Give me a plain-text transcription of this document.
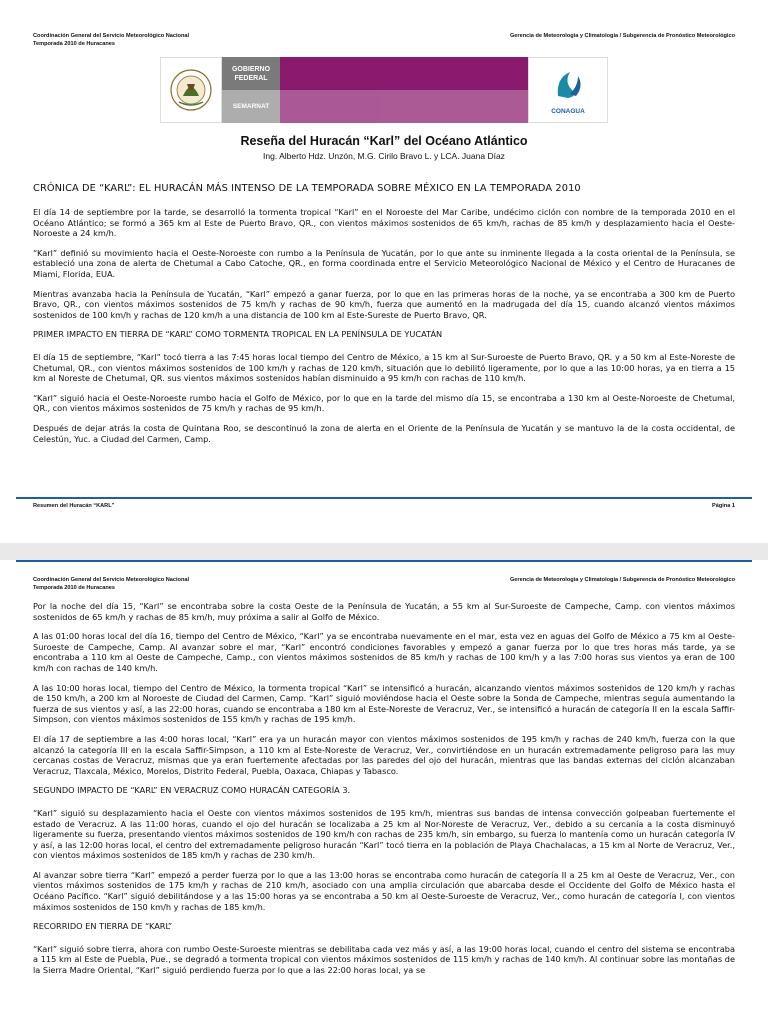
Coordinación General del Servicio Meteorológico Nacional
Temporada 2010 de Huracanes
Gerencia de Meteorología y Climatología / Subgerencia de Pronóstico Meteorológico
GOBIERNO
FEDERAL
SEMARNAT
CONAGUA
Reseña del Huracán “Karl” del Océano Atlántico
Ing. Alberto Hdz. Unzón, M.G. Cirilo Bravo L. y LCA. Juana Díaz
CRÓNICA DE “KARL”: EL HURACÁN MÁS INTENSO DE LA TEMPORADA SOBRE MÉXICO EN LA TEMPORADA 2010

El día 14 de septiembre por la tarde, se desarrolló la tormenta tropical “Karl” en el Noroeste del Mar Caribe, undécimo ciclón con nombre de la temporada 2010 en el Océano Atlántico; se formó a 365 km al Este de Puerto Bravo, QR., con vientos máximos sostenidos de 65 km/h, rachas de 85 km/h y desplazamiento hacia el Oeste-Noroeste a 24 km/h.

“Karl” definió su movimiento hacia el Oeste-Noroeste con rumbo a la Península de Yucatán, por lo que ante su inminente llegada a la costa oriental de la Península, se estableció una zona de alerta de Chetumal a Cabo Catoche, QR., en forma coordinada entre el Servicio Meteorológico Nacional de México y el Centro de Huracanes de Miami, Florida, EUA.

Mientras avanzaba hacia la Península de Yucatán, “Karl” empezó a ganar fuerza, por lo que en las primeras horas de la noche, ya se encontraba a 300 km de Puerto Bravo, QR., con vientos máximos sostenidos de 75 km/h y rachas de 90 km/h, fuerza que aumentó en la madrugada del día 15, cuando alcanzó vientos máximos sostenidos de 100 km/h y rachas de 120 km/h a una distancia de 100 km al Este-Sureste de Puerto Bravo, QR.

PRIMER IMPACTO EN TIERRA DE “KARL” COMO TORMENTA TROPICAL EN LA PENÍNSULA DE YUCATÁN

El día 15 de septiembre, “Karl” tocó tierra a las 7:45 horas local tiempo del Centro de México, a 15 km al Sur-Suroeste de Puerto Bravo, QR. y a 50 km al Este-Noreste de Chetumal, QR., con vientos máximos sostenidos de 100 km/h y rachas de 120 km/h, situación que lo debilitó ligeramente, por lo que a las 10:00 horas, ya en tierra a 15 km al Noreste de Chetumal, QR. sus vientos máximos sostenidos habían disminuido a 95 km/h con rachas de 110 km/h.

“Karl” siguió hacia el Oeste-Noroeste rumbo hacia el Golfo de México, por lo que en la tarde del mismo día 15, se encontraba a 130 km al Oeste-Noroeste de Chetumal, QR., con vientos máximos sostenidos de 75 km/h y rachas de 95 km/h.

Después de dejar atrás la costa de Quintana Roo, se descontinuó la zona de alerta en el Oriente de la Península de Yucatán y se mantuvo la de la costa occidental, de Celestún, Yuc. a Ciudad del Carmen, Camp.

Resumen del Huracán “KARL”	Página 1
Coordinación General del Servicio Meteorológico Nacional
Temporada 2010 de Huracanes
Gerencia de Meteorología y Climatología / Subgerencia de Pronóstico Meteorológico

Por la noche del día 15, “Karl” se encontraba sobre la costa Oeste de la Península de Yucatán, a 55 km al Sur-Suroeste de Campeche, Camp. con vientos máximos sostenidos de 65 km/h y rachas de 85 km/h, muy próxima a salir al Golfo de México.

A las 01:00 horas local del día 16, tiempo del Centro de México, “Karl” ya se encontraba nuevamente en el mar, esta vez en aguas del Golfo de México a 75 km al Oeste-Suroeste de Campeche, Camp. Al avanzar sobre el mar, “Karl” encontró condiciones favorables y empezó a ganar fuerza por lo que tres horas más tarde, ya se encontraba a 110 km al Oeste de Campeche, Camp., con vientos máximos sostenidos de 85 km/h y rachas de 100 km/h y a las 7:00 horas sus vientos ya eran de 100 km/h con rachas de 140 km/h.

A las 10:00 horas local, tiempo del Centro de México, la tormenta tropical “Karl” se intensificó a huracán, alcanzando vientos máximos sostenidos de 120 km/h y rachas de 150 km/h, a 200 km al Noroeste de Ciudad del Carmen, Camp. “Karl” siguió moviéndose hacia el Oeste sobre la Sonda de Campeche, mientras seguía aumentando la fuerza de sus vientos y así, a las 22:00 horas, cuando se encontraba a 180 km al Este-Noreste de Veracruz, Ver., se intensificó a huracán de categoría II en la escala Saffir-Simpson, con vientos máximos sostenidos de 155 km/h y rachas de 195 km/h.

El día 17 de septiembre a las 4:00 horas local, “Karl” era ya un huracán mayor con vientos máximos sostenidos de 195 km/h y rachas de 240 km/h, fuerza con la que alcanzó la categoría III en la escala Saffir-Simpson, a 110 km al Este-Noreste de Veracruz, Ver., convirtiéndose en un huracán extremadamente peligroso para las muy cercanas costas de Veracruz, mismas que ya eran fuertemente afectadas por las paredes del ojo del huracán, mientras que las bandas externas del ciclón alcanzaban Veracruz, Tlaxcala, México, Morelos, Distrito Federal, Puebla, Oaxaca, Chiapas y Tabasco.

SEGUNDO IMPACTO DE “KARL” EN VERACRUZ COMO HURACÁN CATEGORÍA 3.

“Karl” siguió su desplazamiento hacia el Oeste con vientos máximos sostenidos de 195 km/h, mientras sus bandas de intensa convección golpeaban fuertemente el estado de Veracruz. A las 11:00 horas, cuando el ojo del huracán se localizaba a 25 km al Nor-Noreste de Veracruz, Ver., debido a su cercanía a la costa disminuyó ligeramente su fuerza, presentando vientos máximos sostenidos de 190 km/h con rachas de 235 km/h, sin embargo, su fuerza lo mantenía como un huracán categoría IV y así, a las 12:00 horas local, el centro del extremadamente peligroso huracán “Karl” tocó tierra en la población de Playa Chachalacas, a 15 km al Norte de Veracruz, Ver., con vientos máximos sostenidos de 185 km/h y rachas de 230 km/h.

Al avanzar sobre tierra “Karl” empezó a perder fuerza por lo que a las 13:00 horas se encontraba como huracán de categoría II a 25 km al Oeste de Veracruz, Ver., con vientos máximos sostenidos de 175 km/h y rachas de 210 km/h, asociado con una amplia circulación que abarcaba desde el Occidente del Golfo de México hasta el Océano Pacífico. “Karl” siguió debilitándose y a las 15:00 horas ya se encontraba a 50 km al Oeste-Suroeste de Veracruz, Ver., como huracán de categoría I, con vientos máximos sostenidos de 150 km/h y rachas de 185 km/h.

RECORRIDO EN TIERRA DE “KARL”

“Karl” siguió sobre tierra, ahora con rumbo Oeste-Suroeste mientras se debilitaba cada vez más y así, a las 19:00 horas local, cuando el centro del sistema se encontraba a 115 km al Este de Puebla, Pue., se degradó a tormenta tropical con vientos máximos sostenidos de 115 km/h y rachas de 140 km/h. Al continuar sobre las montañas de la Sierra Madre Oriental, “Karl” siguió perdiendo fuerza por lo que a las 22:00 horas local, ya se
